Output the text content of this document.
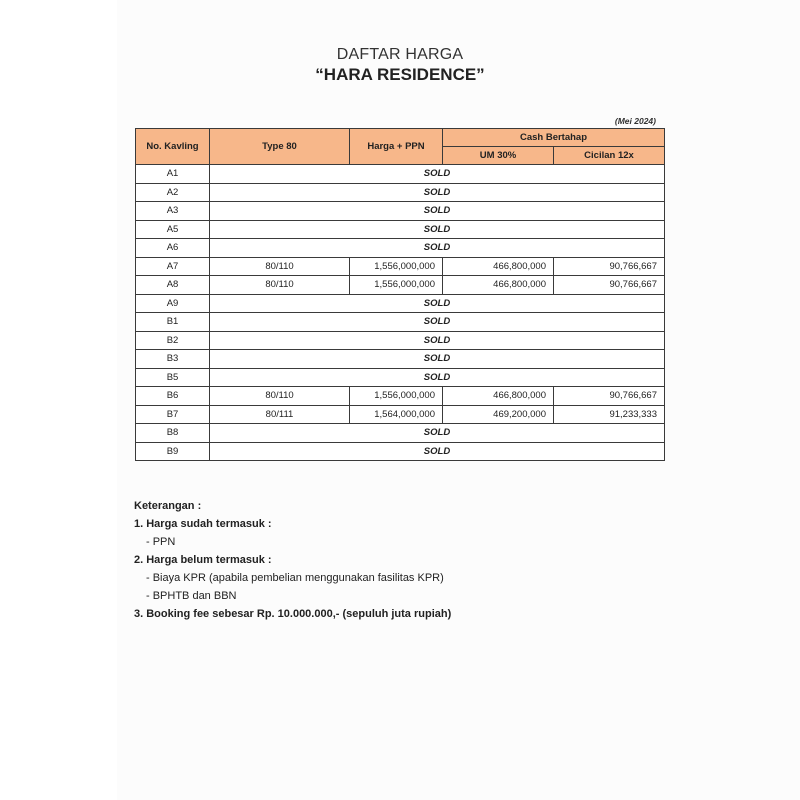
DAFTAR HARGA
“HARA RESIDENCE”
(Mei 2024)
No. Kavling	Type 80	Harga + PPN	Cash Bertahap	
			UM 30%	Cicilan 12x
A1	SOLD			
A2	SOLD			
A3	SOLD			
A5	SOLD			
A6	SOLD			
A7	80/110	1,556,000,000	466,800,000	90,766,667
A8	80/110	1,556,000,000	466,800,000	90,766,667
A9	SOLD			
B1	SOLD			
B2	SOLD			
B3	SOLD			
B5	SOLD			
B6	80/110	1,556,000,000	466,800,000	90,766,667
B7	80/111	1,564,000,000	469,200,000	91,233,333
B8	SOLD			
B9	SOLD			
Keterangan :
1. Harga sudah termasuk :
- PPN
2. Harga belum termasuk :
- Biaya KPR (apabila pembelian menggunakan fasilitas KPR)
- BPHTB dan BBN
3. Booking fee sebesar Rp. 10.000.000,- (sepuluh juta rupiah)
